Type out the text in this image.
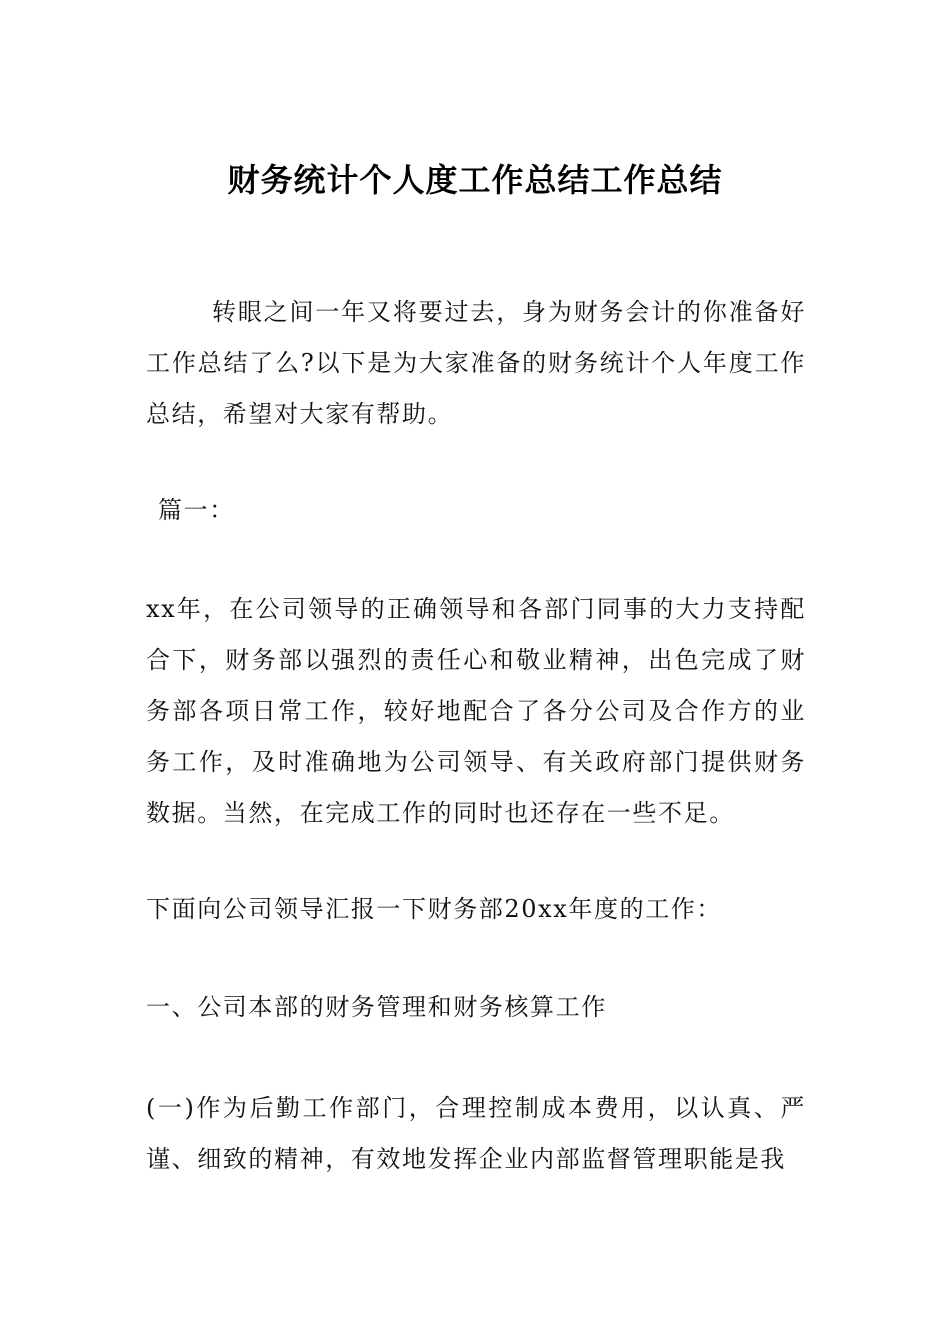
财务统计个人度工作总结工作总结

转眼之间一年又将要过去，身为财务会计的你准备好工作总结了么?以下是为大家准备的财务统计个人年度工作总结，希望对大家有帮助。

篇一：

xx年，在公司领导的正确领导和各部门同事的大力支持配合下，财务部以强烈的责任心和敬业精神，出色完成了财务部各项日常工作，较好地配合了各分公司及合作方的业务工作，及时准确地为公司领导、有关政府部门提供财务数据。当然，在完成工作的同时也还存在一些不足。

下面向公司领导汇报一下财务部20xx年度的工作：

一、公司本部的财务管理和财务核算工作

(一)作为后勤工作部门，合理控制成本费用，以认真、严谨、细致的精神，有效地发挥企业内部监督管理职能是我
